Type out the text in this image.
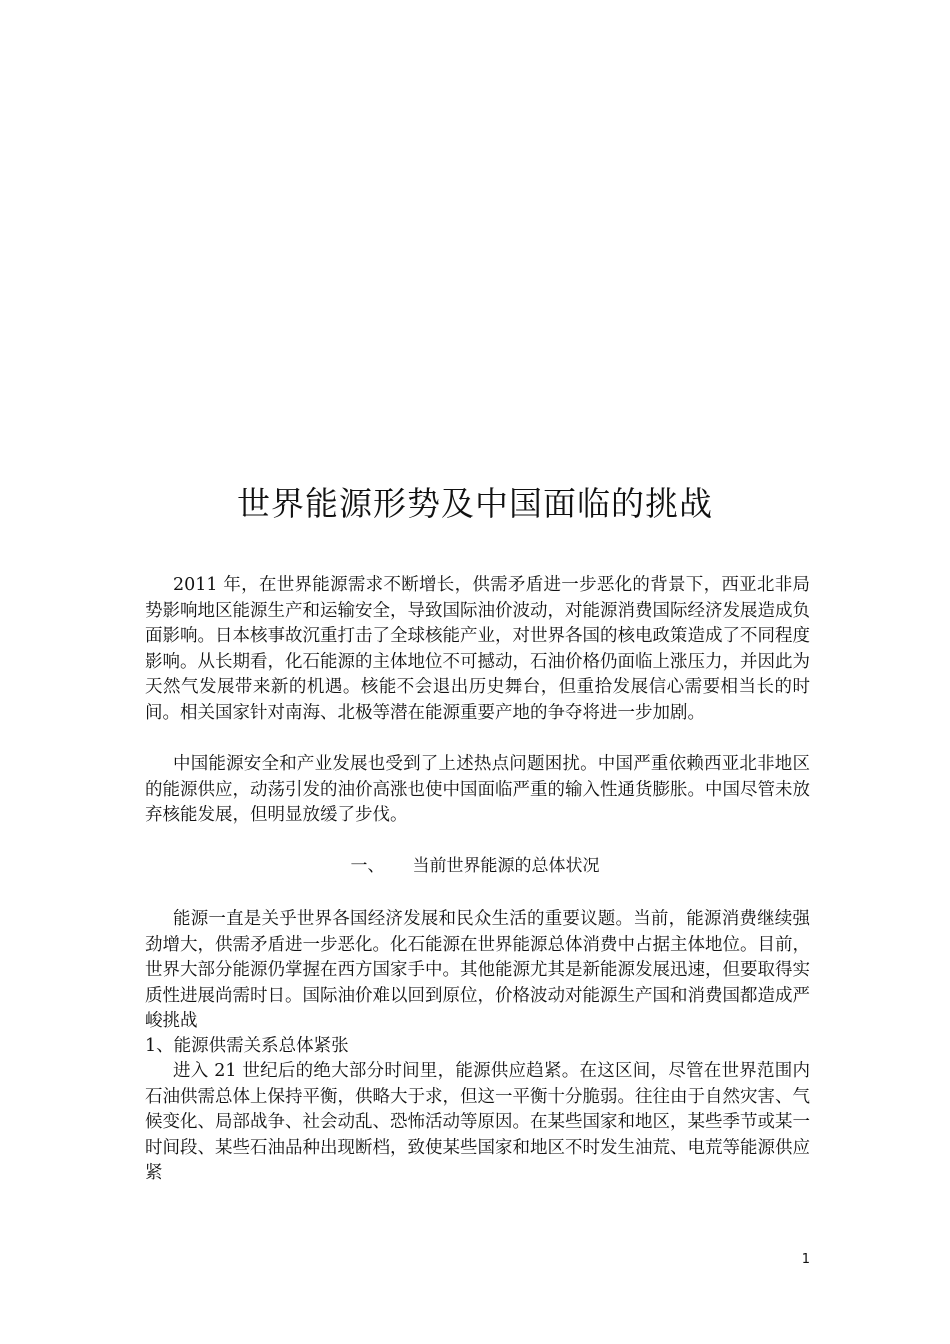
世界能源形势及中国面临的挑战

2011 年，在世界能源需求不断增长，供需矛盾进一步恶化的背景下，西亚北非局势影响地区能源生产和运输安全，导致国际油价波动，对能源消费国际经济发展造成负面影响。日本核事故沉重打击了全球核能产业，对世界各国的核电政策造成了不同程度影响。从长期看，化石能源的主体地位不可撼动，石油价格仍面临上涨压力，并因此为天然气发展带来新的机遇。核能不会退出历史舞台，但重拾发展信心需要相当长的时间。相关国家针对南海、北极等潜在能源重要产地的争夺将进一步加剧。

中国能源安全和产业发展也受到了上述热点问题困扰。中国严重依赖西亚北非地区的能源供应，动荡引发的油价高涨也使中国面临严重的输入性通货膨胀。中国尽管未放弃核能发展，但明显放缓了步伐。

一、 当前世界能源的总体状况

能源一直是关乎世界各国经济发展和民众生活的重要议题。当前，能源消费继续强劲增大，供需矛盾进一步恶化。化石能源在世界能源总体消费中占据主体地位。目前，世界大部分能源仍掌握在西方国家手中。其他能源尤其是新能源发展迅速，但要取得实质性进展尚需时日。国际油价难以回到原位，价格波动对能源生产国和消费国都造成严峻挑战

1、能源供需关系总体紧张

进入 21 世纪后的绝大部分时间里，能源供应趋紧。在这区间，尽管在世界范围内石油供需总体上保持平衡，供略大于求，但这一平衡十分脆弱。往往由于自然灾害、气候变化、局部战争、社会动乱、恐怖活动等原因。在某些国家和地区，某些季节或某一时间段、某些石油品种出现断档，致使某些国家和地区不时发生油荒、电荒等能源供应紧

1
